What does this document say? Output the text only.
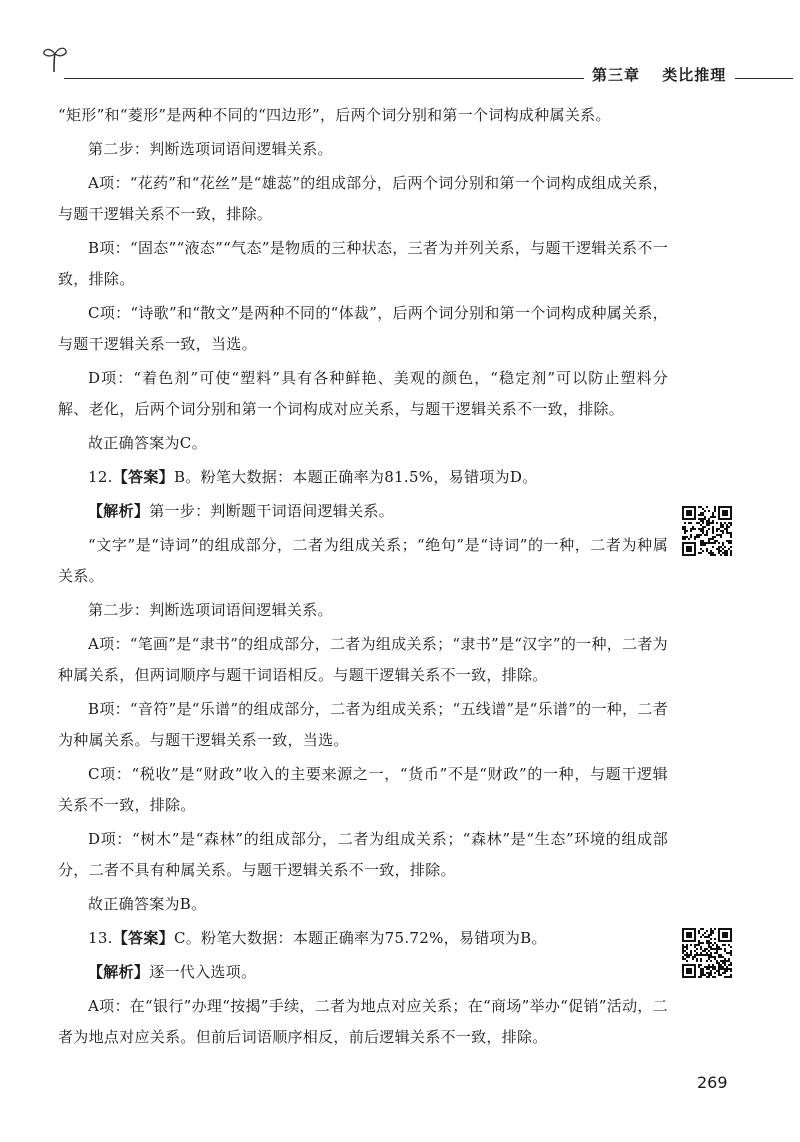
第三章 类比推理

“矩形”和“菱形”是两种不同的“四边形”，后两个词分别和第一个词构成种属关系。

第二步：判断选项词语间逻辑关系。

A项：“花药”和“花丝”是“雄蕊”的组成部分，后两个词分别和第一个词构成组成关系，与题干逻辑关系不一致，排除。

B项：“固态”“液态”“气态”是物质的三种状态，三者为并列关系，与题干逻辑关系不一致，排除。

C项：“诗歌”和“散文”是两种不同的“体裁”，后两个词分别和第一个词构成种属关系，与题干逻辑关系一致，当选。

D项：“着色剂”可使“塑料”具有各种鲜艳、美观的颜色，“稳定剂”可以防止塑料分解、老化，后两个词分别和第一个词构成对应关系，与题干逻辑关系不一致，排除。

故正确答案为C。

12.【答案】B。粉笔大数据：本题正确率为81.5%，易错项为D。

【解析】第一步：判断题干词语间逻辑关系。

“文字”是“诗词”的组成部分，二者为组成关系；“绝句”是“诗词”的一种，二者为种属关系。

第二步：判断选项词语间逻辑关系。

A项：“笔画”是“隶书”的组成部分，二者为组成关系；“隶书”是“汉字”的一种，二者为种属关系，但两词顺序与题干词语相反。与题干逻辑关系不一致，排除。

B项：“音符”是“乐谱”的组成部分，二者为组成关系；“五线谱”是“乐谱”的一种，二者为种属关系。与题干逻辑关系一致，当选。

C项：“税收”是“财政”收入的主要来源之一，“货币”不是“财政”的一种，与题干逻辑关系不一致，排除。

D项：“树木”是“森林”的组成部分，二者为组成关系；“森林”是“生态”环境的组成部分，二者不具有种属关系。与题干逻辑关系不一致，排除。

故正确答案为B。

13.【答案】C。粉笔大数据：本题正确率为75.72%，易错项为B。

【解析】逐一代入选项。

A项：在“银行”办理“按揭”手续，二者为地点对应关系；在“商场”举办“促销”活动，二者为地点对应关系。但前后词语顺序相反，前后逻辑关系不一致，排除。

269
